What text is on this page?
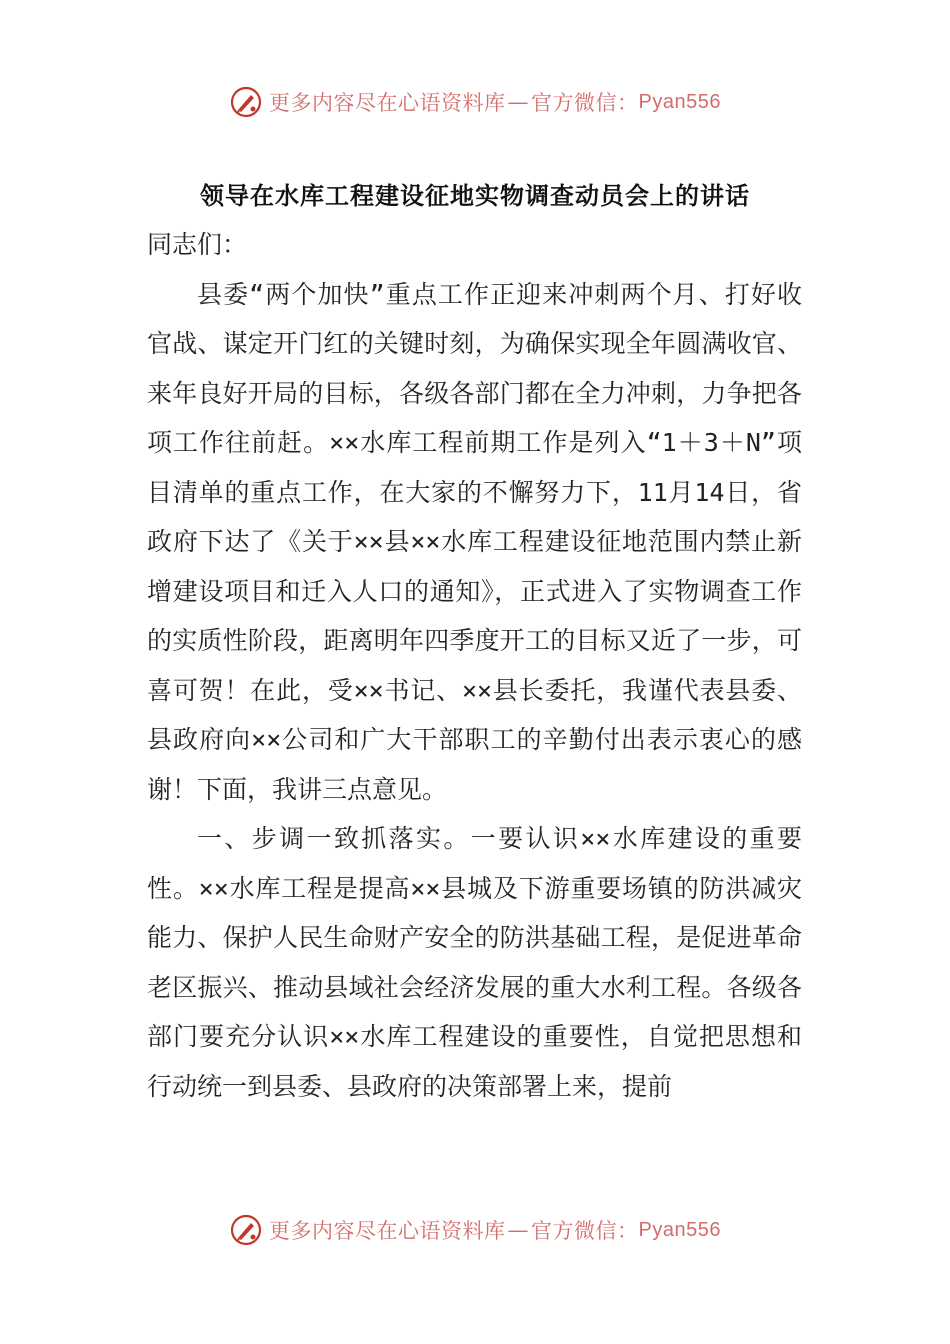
更多内容尽在心语资料库 — 官方微信： Pyan556
领导在水库工程建设征地实物调查动员会上的讲话

同志们：

县委“两个加快”重点工作正迎来冲刺两个月、打好收官战、谋定开门红的关键时刻，为确保实现全年圆满收官、来年良好开局的目标，各级各部门都在全力冲刺，力争把各项工作往前赶。××水库工程前期工作是列入“1＋3＋N”项目清单的重点工作，在大家的不懈努力下，11月14日，省政府下达了《关于××县××水库工程建设征地范围内禁止新增建设项目和迁入人口的通知》，正式进入了实物调查工作的实质性阶段，距离明年四季度开工的目标又近了一步，可喜可贺！在此，受××书记、××县长委托，我谨代表县委、县政府向××公司和广大干部职工的辛勤付出表示衷心的感谢！下面，我讲三点意见。

一、步调一致抓落实。一要认识××水库建设的重要性。××水库工程是提高××县城及下游重要场镇的防洪减灾能力、保护人民生命财产安全的防洪基础工程，是促进革命老区振兴、推动县域社会经济发展的重大水利工程。各级各部门要充分认识××水库工程建设的重要性，自觉把思想和行动统一到县委、县政府的决策部署上来，提前

更多内容尽在心语资料库 — 官方微信： Pyan556
